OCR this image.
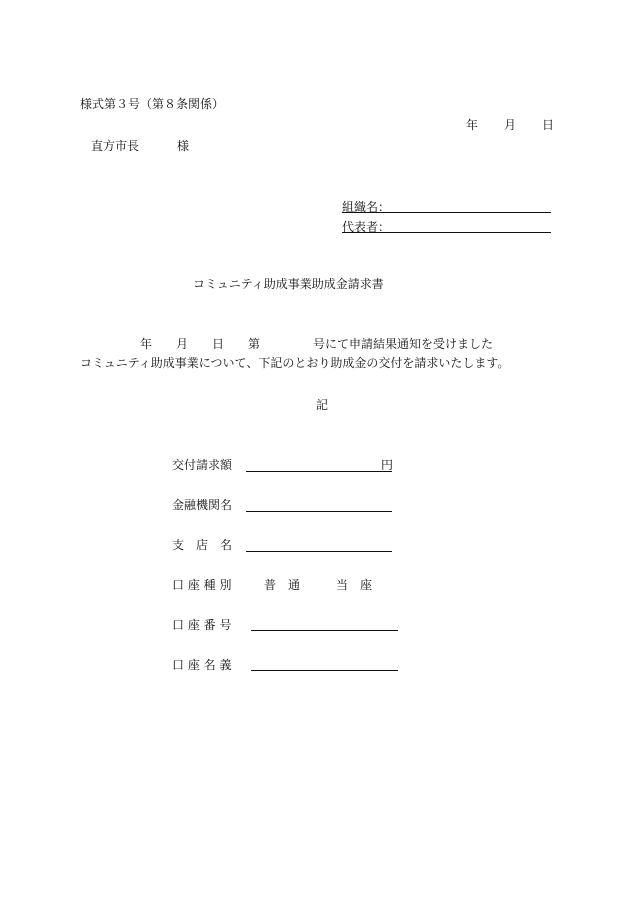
様式第３号（第８条関係）
年 月 日
直方市長	様
組織名：
代表者：
コミュニティ助成事業助成金請求書
年 月 日 第	号にて申請結果通知を受けました
コミュニティ助成事業について、下記のとおり助成金の交付を請求いたします。
記
交付請求額	円
金融機関名
支　店　名
口 座 種 別	普　通	当　座
口 座 番 号
口 座 名 義
